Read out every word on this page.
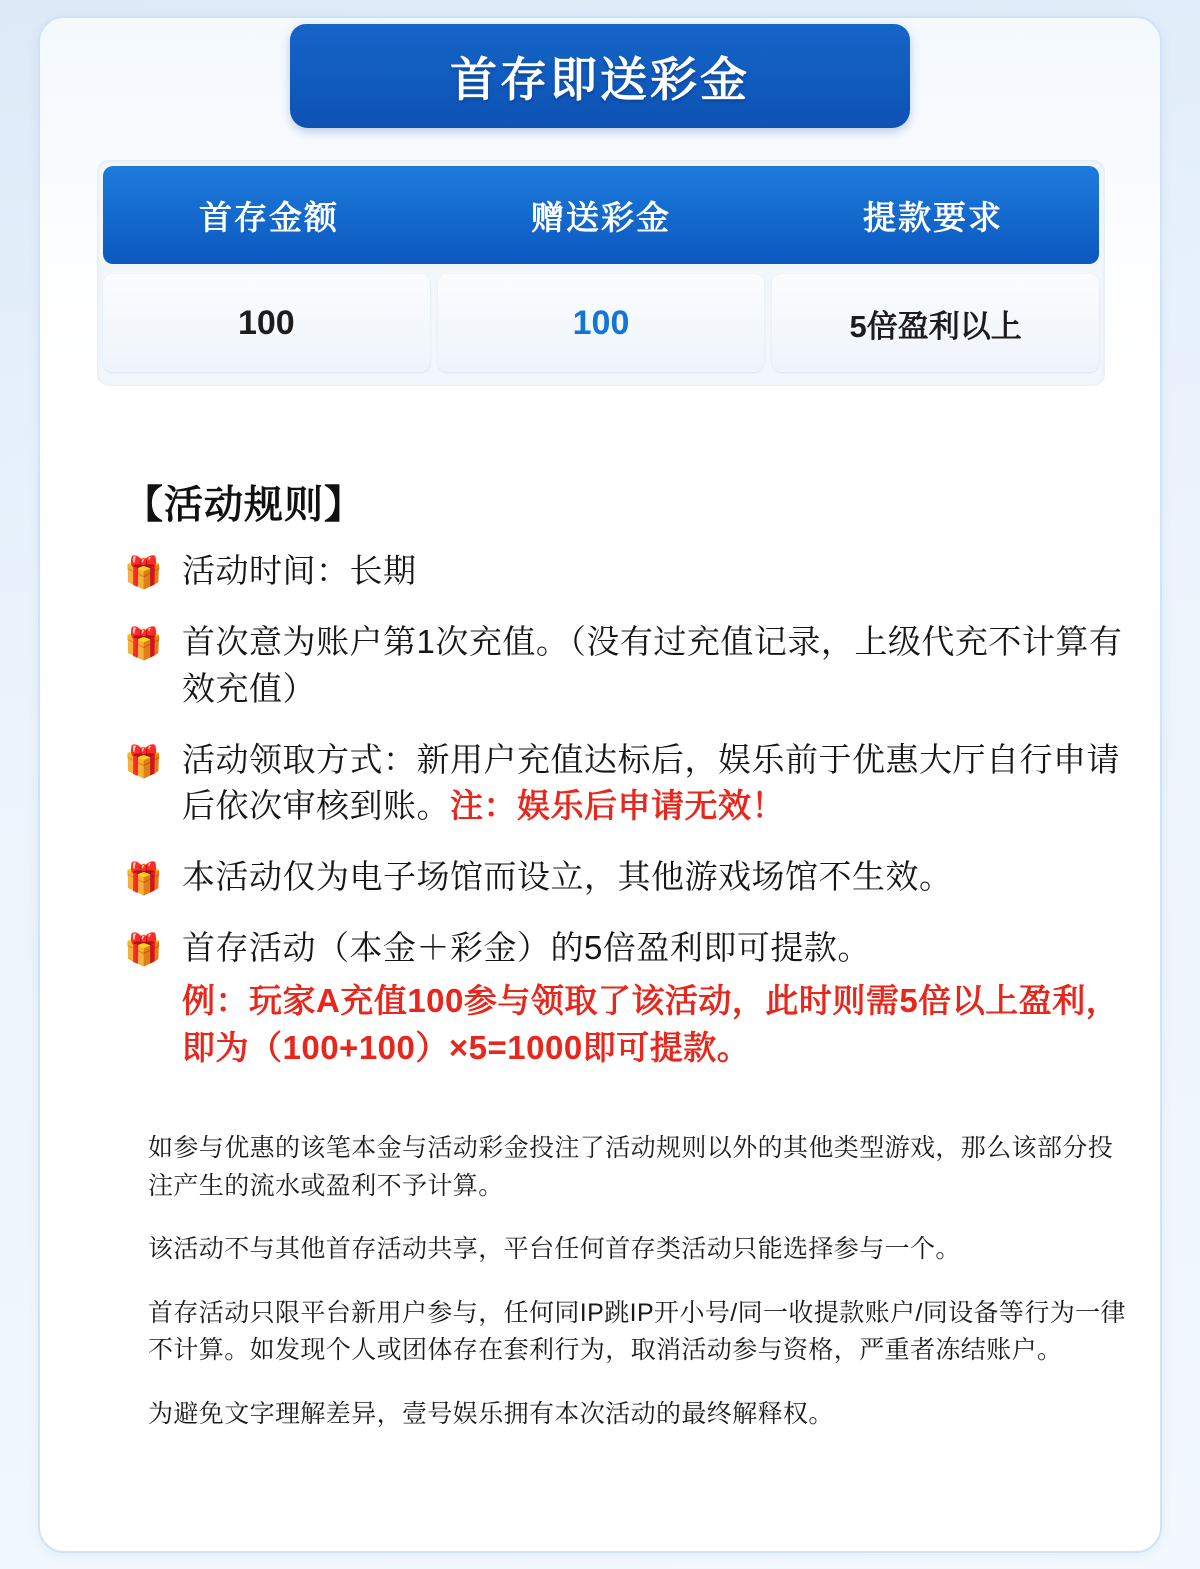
首存即送彩金
首存金额	赠送彩金	提款要求
100	100	5倍盈利以上
【活动规则】
🎁 活动时间：长期
🎁 首次意为账户第1次充值。（没有过充值记录，上级代充不计算有效充值）
🎁 活动领取方式：新用户充值达标后，娱乐前于优惠大厅自行申请后依次审核到账。注：娱乐后申请无效！
🎁 本活动仅为电子场馆而设立，其他游戏场馆不生效。
🎁 首存活动（本金＋彩金）的5倍盈利即可提款。
例：玩家A充值100参与领取了该活动，此时则需5倍以上盈利，即为（100+100）×5=1000即可提款。

如参与优惠的该笔本金与活动彩金投注了活动规则以外的其他类型游戏，那么该部分投注产生的流水或盈利不予计算。

该活动不与其他首存活动共享，平台任何首存类活动只能选择参与一个。

首存活动只限平台新用户参与，任何同IP跳IP开小号/同一收提款账户/同设备等行为一律不计算。如发现个人或团体存在套利行为，取消活动参与资格，严重者冻结账户。

为避免文字理解差异，壹号娱乐拥有本次活动的最终解释权。
